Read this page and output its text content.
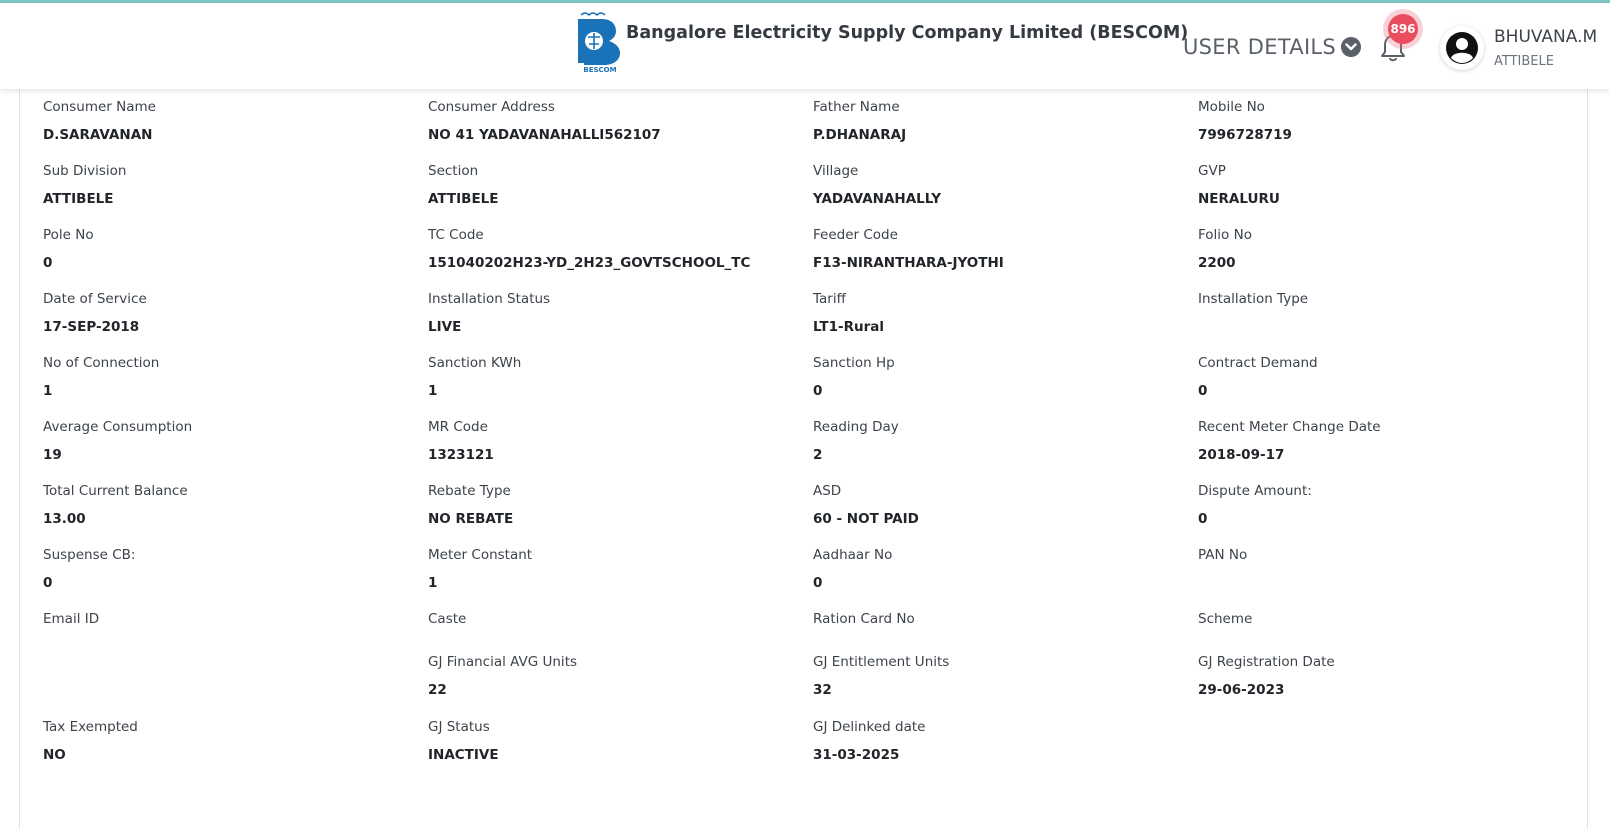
BESCOM
Bangalore Electricity Supply Company Limited (BESCOM)
USER DETAILS
896	BHUVANA.M
ATTIBELE
Consumer Name
D.SARAVANAN
Consumer Address
NO 41 YADAVANAHALLI562107
Father Name
P.DHANARAJ
Mobile No
7996728719
Sub Division
ATTIBELE
Section
ATTIBELE
Village
YADAVANAHALLY
GVP
NERALURU
Pole No
0
TC Code
151040202H23-YD_2H23_GOVTSCHOOL_TC
Feeder Code
F13-NIRANTHARA-JYOTHI
Folio No
2200
Date of Service
17-SEP-2018
Installation Status
LIVE
Tariff
LT1-Rural
Installation Type
No of Connection
1
Sanction KWh
1
Sanction Hp
0
Contract Demand
0
Average Consumption
19
MR Code
1323121
Reading Day
2
Recent Meter Change Date
2018-09-17
Total Current Balance
13.00
Rebate Type
NO REBATE
ASD
60 - NOT PAID
Dispute Amount:
0
Suspense CB:
0
Meter Constant
1
Aadhaar No
0
PAN No
Email ID	Caste	Ration Card No	Scheme
GJ Financial AVG Units
22
GJ Entitlement Units
32
GJ Registration Date
29-06-2023
Tax Exempted
NO
GJ Status
INACTIVE
GJ Delinked date
31-03-2025
